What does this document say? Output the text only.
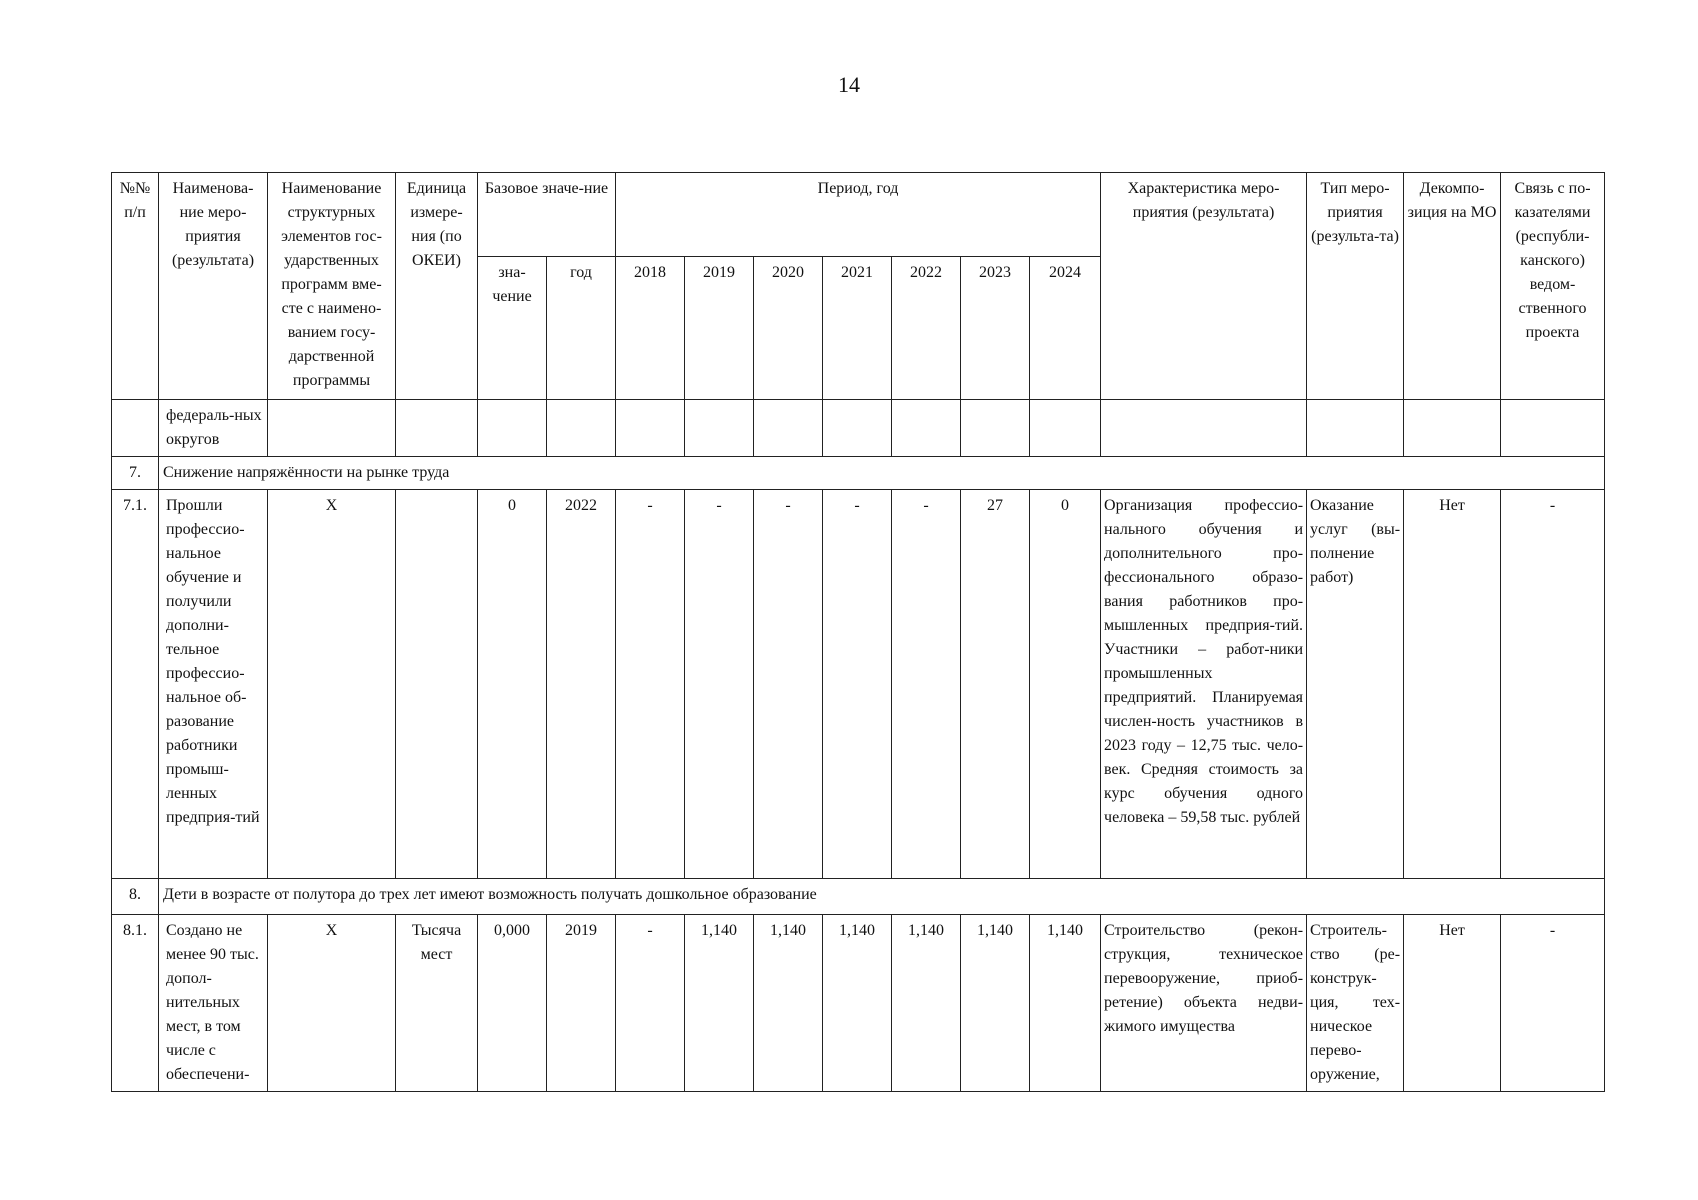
14
№№ п/п	Наименова-ние меро-приятия (результата)	Наименование структурных элементов гос-ударственных программ вме-сте с наимено-ванием госу-дарственной программы	Единица измере-ния (по ОКЕИ)	Базовое значе-ние		Период, год							Характеристика меро-приятия (результата)	Тип меро-приятия (результа-та)	Декомпо-зиция на МО	Связь с по-казателями (республи-канского) ведом-ственного проекта
				зна-чение	год	2018	2019	2020	2021	2022	2023	2024				
	федераль-ных округов															
7.	Снижение напряжённости на рынке труда															
7.1.	Прошли профессио-нальное обучение и получили дополни-тельное профессио-нальное об-разование работники промыш-ленных предприя-тий	Х		0	2022	-	-	-	-	-	27	0	Организация профессио-нального обучения и дополнительного про-фессионального образо-вания работников про-мышленных предприя-тий. Участники – работ-ники промышленных предприятий. Планируемая числен-ность участников в 2023 году – 12,75 тыс. чело-век. Средняя стоимость за курс обучения одного человека – 59,58 тыс. рублей	Оказание услуг (вы-полнение работ)	Нет	-
8.	Дети в возрасте от полутора до трех лет имеют возможность получать дошкольное образование															
8.1.	Создано не менее 90 тыс. допол-нительных мест, в том числе с обеспечени-	Х	Тысяча мест	0,000	2019	-	1,140	1,140	1,140	1,140	1,140	1,140	Строительство (рекон-струкция, техническое перевооружение, приоб-ретение) объекта недви-жимого имущества	Строитель-ство (ре-конструк-ция, тех-ническое перево-оружение,	Нет	-
